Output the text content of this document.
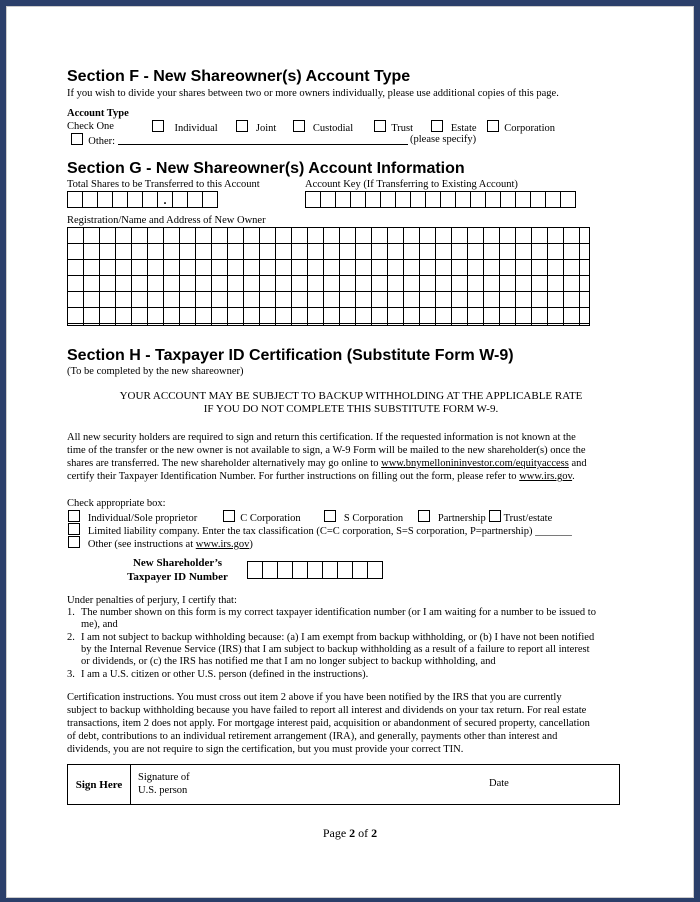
Section F - New Shareowner(s) Account Type
If you wish to divide your shares between two or more owners individually, please use additional copies of this page.
Account Type
Check One	Individual	Joint	Custodial	Trust	Estate	Corporation
Other:	(please specify)
Section G - New Shareowner(s) Account Information
Total Shares to be Transferred to this Account	Account Key (If Transferring to Existing Account)
						.			

Registration/Name and Address of New Owner
Section H - Taxpayer ID Certification (Substitute Form W-9)
(To be completed by the new shareowner)
YOUR ACCOUNT MAY BE SUBJECT TO BACKUP WITHHOLDING AT THE APPLICABLE RATE
IF YOU DO NOT COMPLETE THIS SUBSTITUTE FORM W-9.
All new security holders are required to sign and return this certification. If the requested information is not known at the
time of the transfer or the new owner is not available to sign, a W-9 Form will be mailed to the new shareholder(s) once the
shares are transferred. The new shareholder alternatively may go online to www.bnymellonininvestor.com/equityaccess and
certify their Taxpayer Identification Number. For further instructions on filling out the form, please refer to www.irs.gov.
Check appropriate box:
Individual/Sole proprietor	C Corporation	S Corporation	Partnership	Trust/estate
Limited liability company. Enter the tax classification (C=C corporation, S=S corporation, P=partnership) _______
Other (see instructions at www.irs.gov)
New Shareholder’s
Taxpayer ID Number

Under penalties of perjury, I certify that:
1. The number shown on this form is my correct taxpayer identification number (or I am waiting for a number to be issued to
me), and
2. I am not subject to backup withholding because: (a) I am exempt from backup withholding, or (b) I have not been notified
by the Internal Revenue Service (IRS) that I am subject to backup withholding as a result of a failure to report all interest
or dividends, or (c) the IRS has notified me that I am no longer subject to backup withholding, and
3. I am a U.S. citizen or other U.S. person (defined in the instructions).
Certification instructions. You must cross out item 2 above if you have been notified by the IRS that you are currently
subject to backup withholding because you have failed to report all interest and dividends on your tax return. For real estate
transactions, item 2 does not apply. For mortgage interest paid, acquisition or abandonment of secured property, cancellation
of debt, contributions to an individual retirement arrangement (IRA), and generally, payments other than interest and
dividends, you are not require to sign the certification, but you must provide your correct TIN.
Sign Here
Signature of
U.S. person
Date
Page 2 of 2
